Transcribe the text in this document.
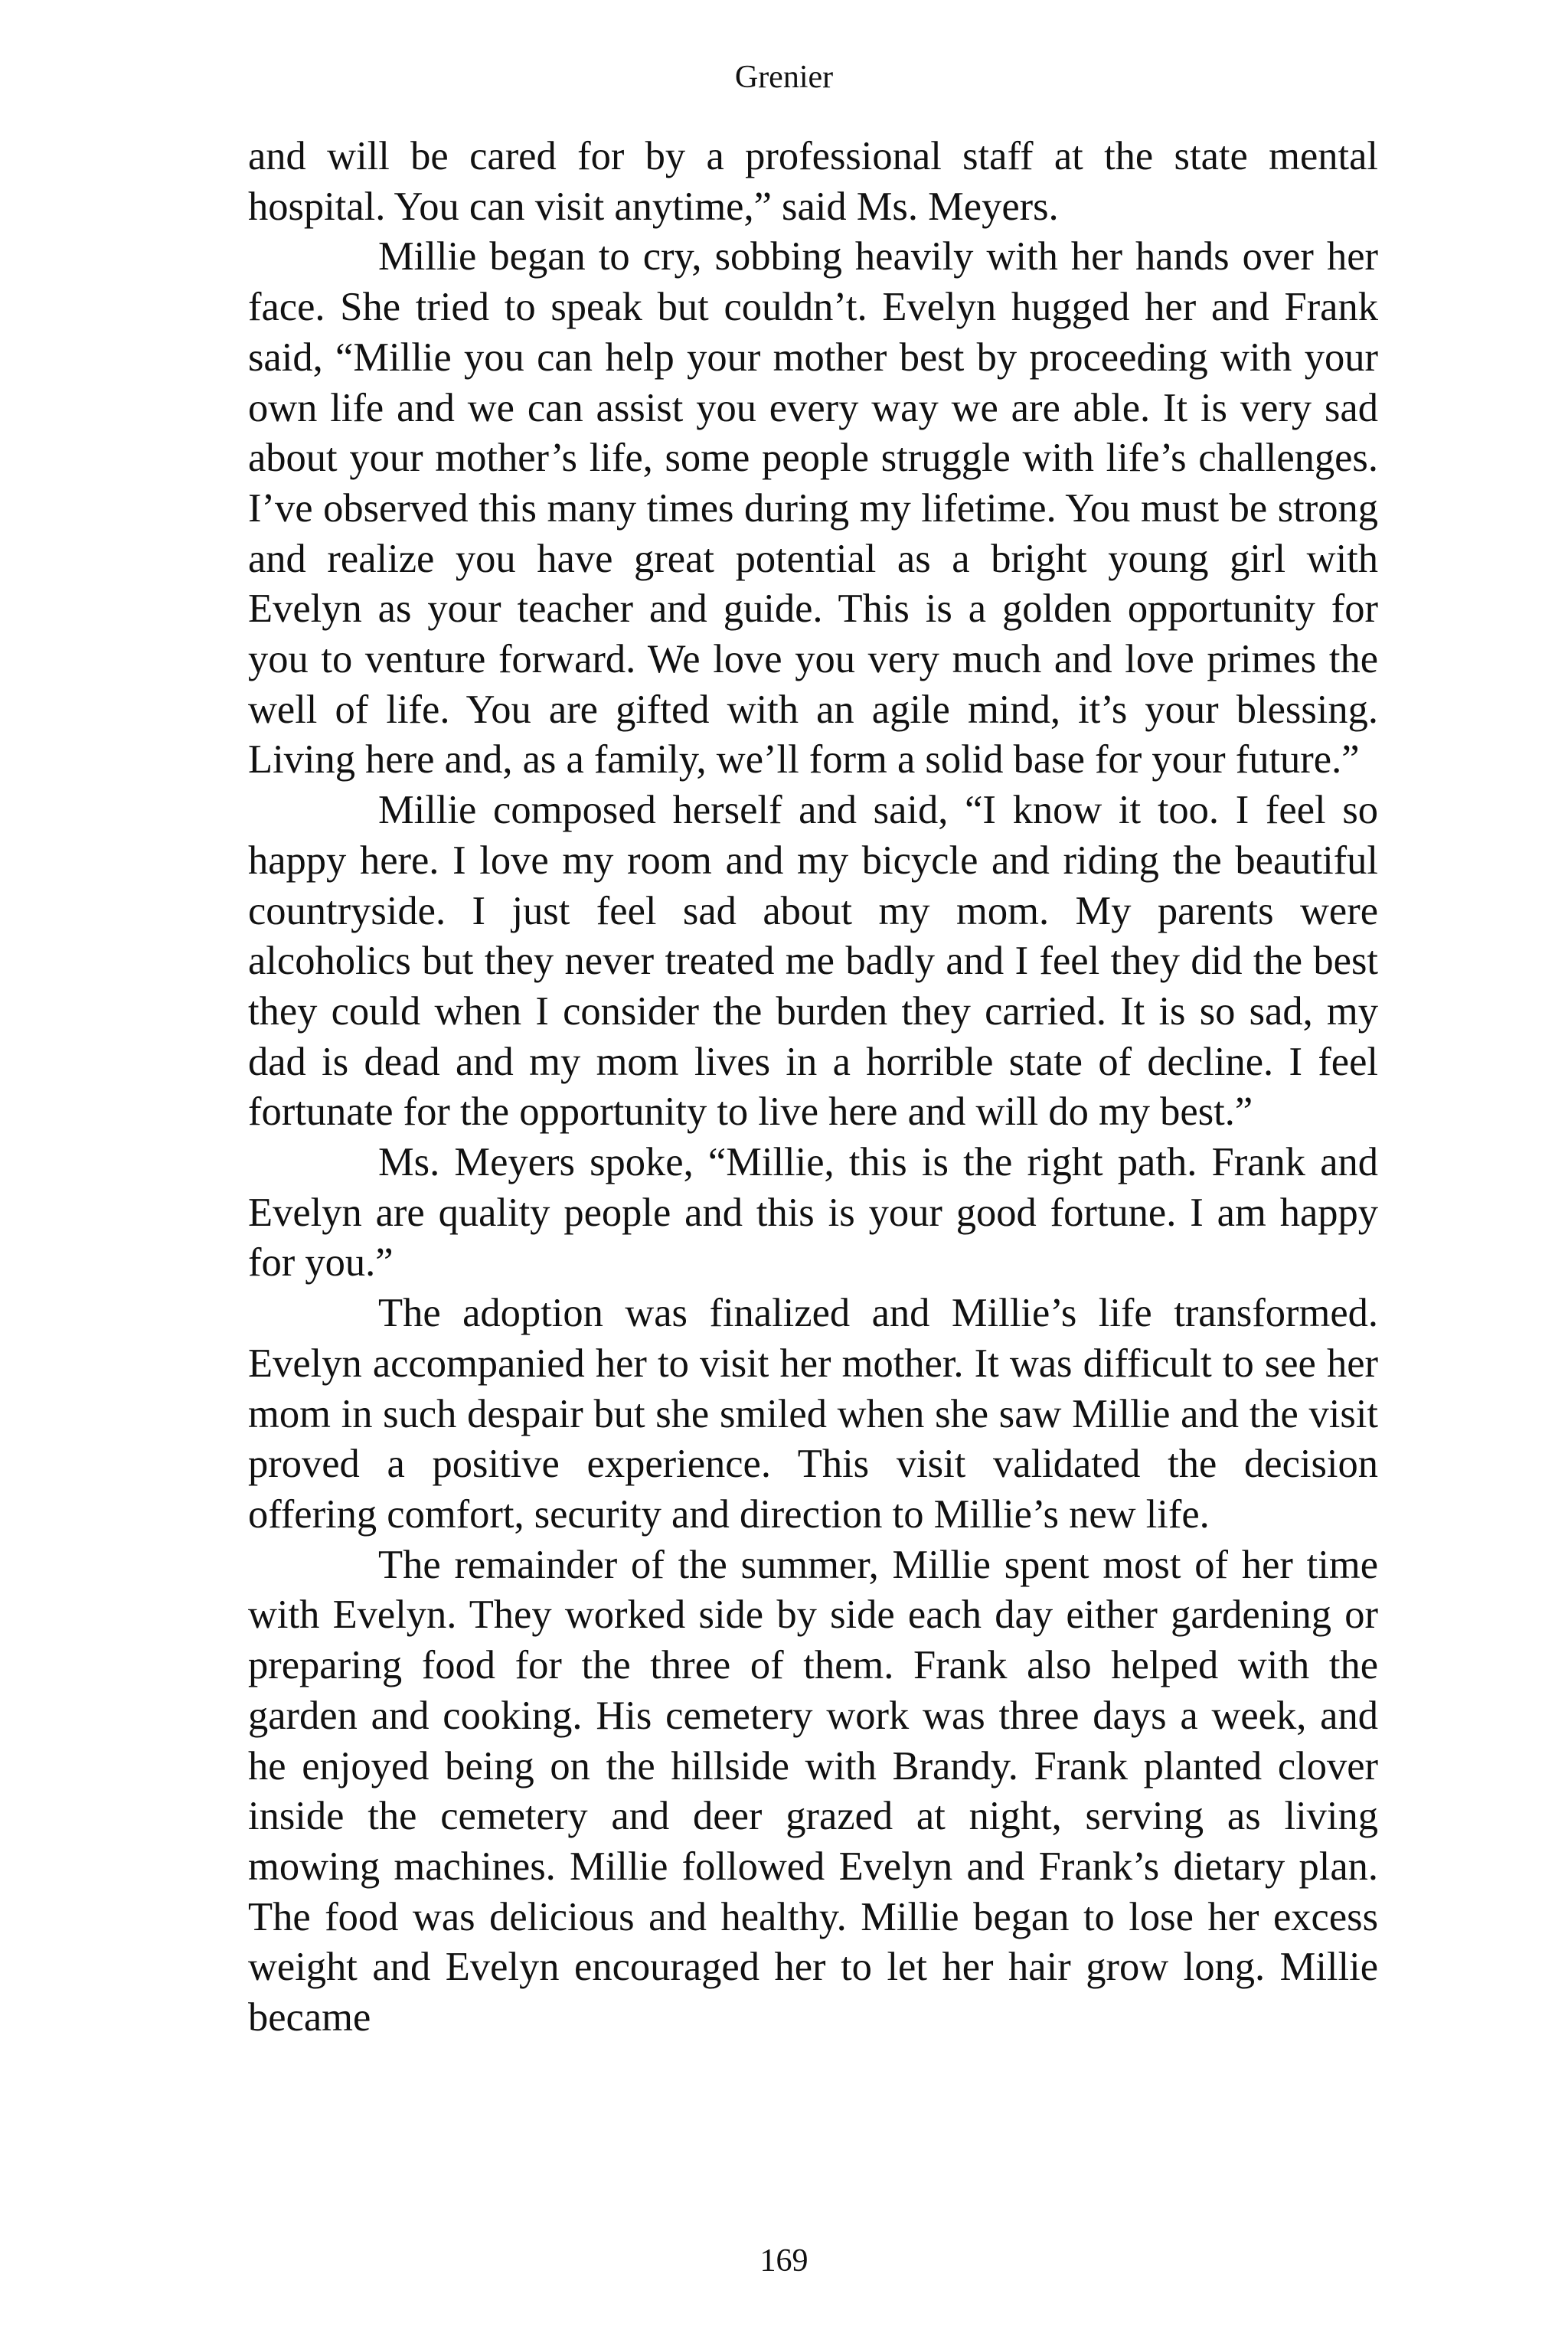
Grenier

and will be cared for by a professional staff at the state mental hospital. You can visit anytime,” said Ms. Meyers.

Millie began to cry, sobbing heavily with her hands over her face. She tried to speak but couldn’t. Evelyn hugged her and Frank said, “Millie you can help your mother best by proceeding with your own life and we can assist you every way we are able. It is very sad about your mother’s life, some people struggle with life’s challenges. I’ve observed this many times during my lifetime. You must be strong and realize you have great potential as a bright young girl with Evelyn as your teacher and guide. This is a golden opportunity for you to venture forward. We love you very much and love primes the well of life. You are gifted with an agile mind, it’s your blessing. Living here and, as a family, we’ll form a solid base for your future.”

Millie composed herself and said, “I know it too. I feel so happy here. I love my room and my bicycle and riding the beautiful countryside. I just feel sad about my mom. My parents were alcoholics but they never treated me badly and I feel they did the best they could when I consider the burden they carried. It is so sad, my dad is dead and my mom lives in a horrible state of decline. I feel fortunate for the opportunity to live here and will do my best.”

Ms. Meyers spoke, “Millie, this is the right path. Frank and Evelyn are quality people and this is your good fortune. I am happy for you.”

The adoption was finalized and Millie’s life transformed. Evelyn accompanied her to visit her mother. It was difficult to see her mom in such despair but she smiled when she saw Millie and the visit proved a positive experience. This visit validated the decision offering comfort, security and direction to Millie’s new life.

The remainder of the summer, Millie spent most of her time with Evelyn. They worked side by side each day either gardening or preparing food for the three of them. Frank also helped with the garden and cooking. His cemetery work was three days a week, and he enjoyed being on the hillside with Brandy. Frank planted clover inside the cemetery and deer grazed at night, serving as living mowing machines. Millie followed Evelyn and Frank’s dietary plan. The food was delicious and healthy. Millie began to lose her excess weight and Evelyn encouraged her to let her hair grow long. Millie became

169
